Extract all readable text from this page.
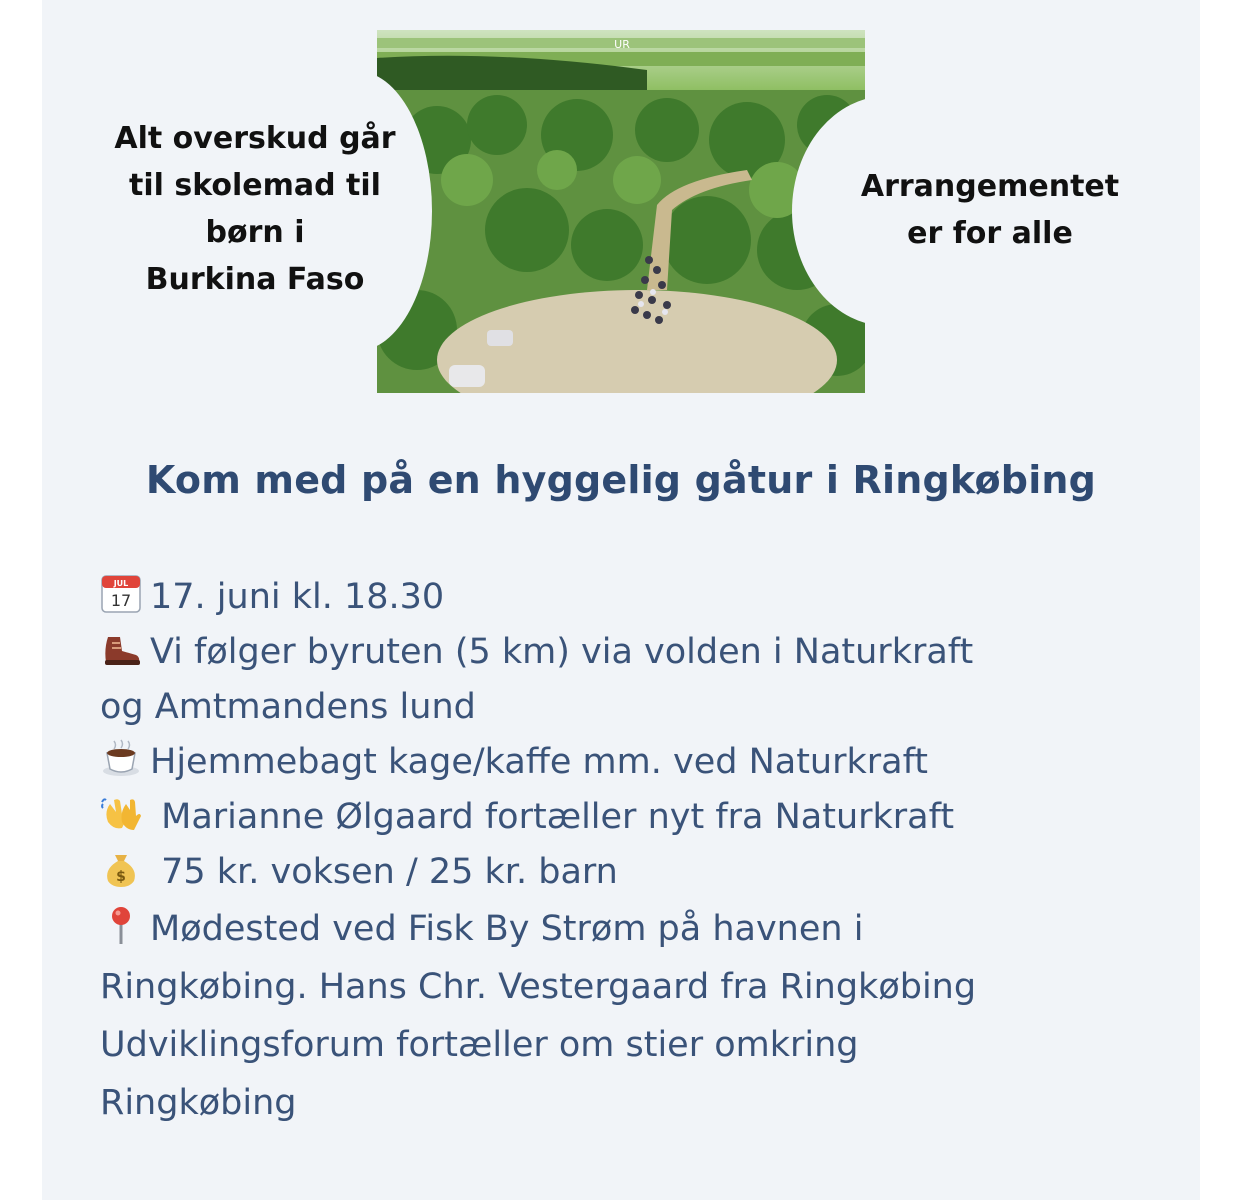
UR
Alt overskud går
til skolemad til
børn i
Burkina Faso
Arrangementet
er for alle
Kom med på en hyggelig gåtur i Ringkøbing
JUL
17 17. juni kl. 18.30
Vi følger byruten (5 km) via volden i Naturkraft
og Amtmandens lund
Hjemmebagt kage/kaffe mm. ved Naturkraft
Marianne Ølgaard fortæller nyt fra Naturkraft
$ 75 kr. voksen / 25 kr. barn
Mødested ved Fisk By Strøm på havnen i
Ringkøbing. Hans Chr. Vestergaard fra Ringkøbing
Udviklingsforum fortæller om stier omkring
Ringkøbing
